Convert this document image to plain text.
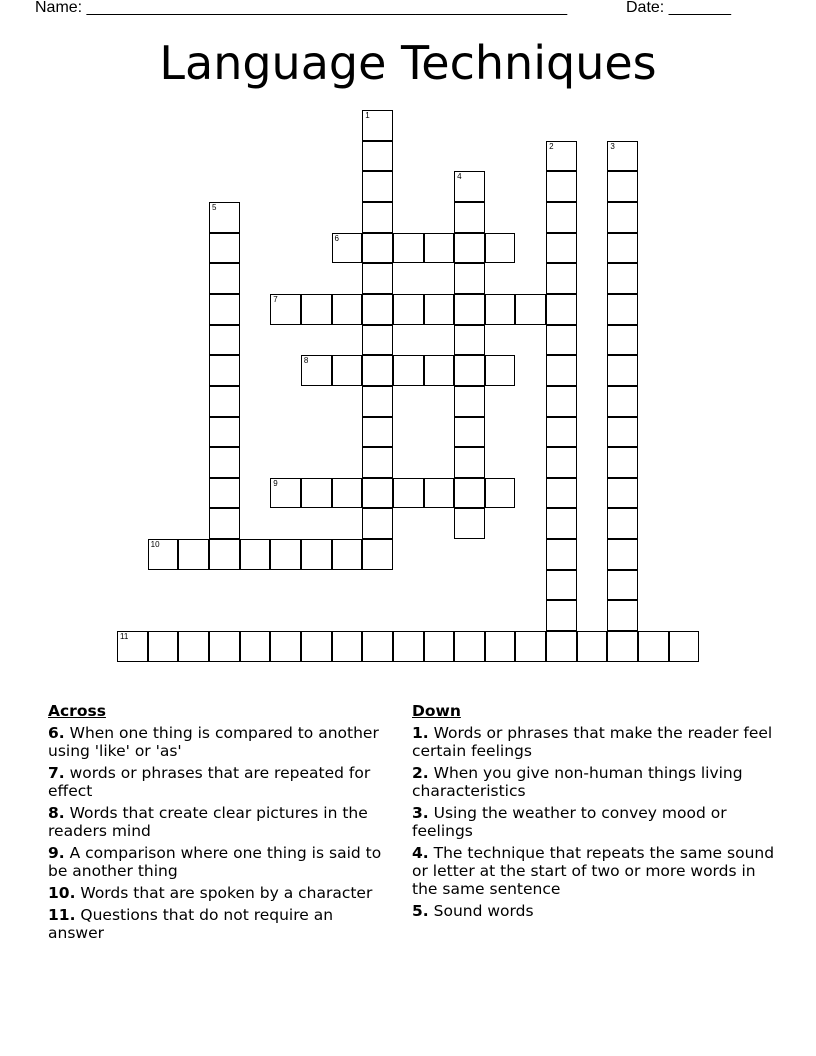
Name: ______________________________________________________	Date: _______
Language Techniques
1
2	3
4
5
6
7
8
9
10
11
Across
6. When one thing is compared to another using 'like' or 'as'
7. words or phrases that are repeated for effect
8. Words that create clear pictures in the readers mind
9. A comparison where one thing is said to be another thing
10. Words that are spoken by a character
11. Questions that do not require an answer
Down
1. Words or phrases that make the reader feel certain feelings
2. When you give non-human things living characteristics
3. Using the weather to convey mood or feelings
4. The technique that repeats the same sound or letter at the start of two or more words in the same sentence
5. Sound words
